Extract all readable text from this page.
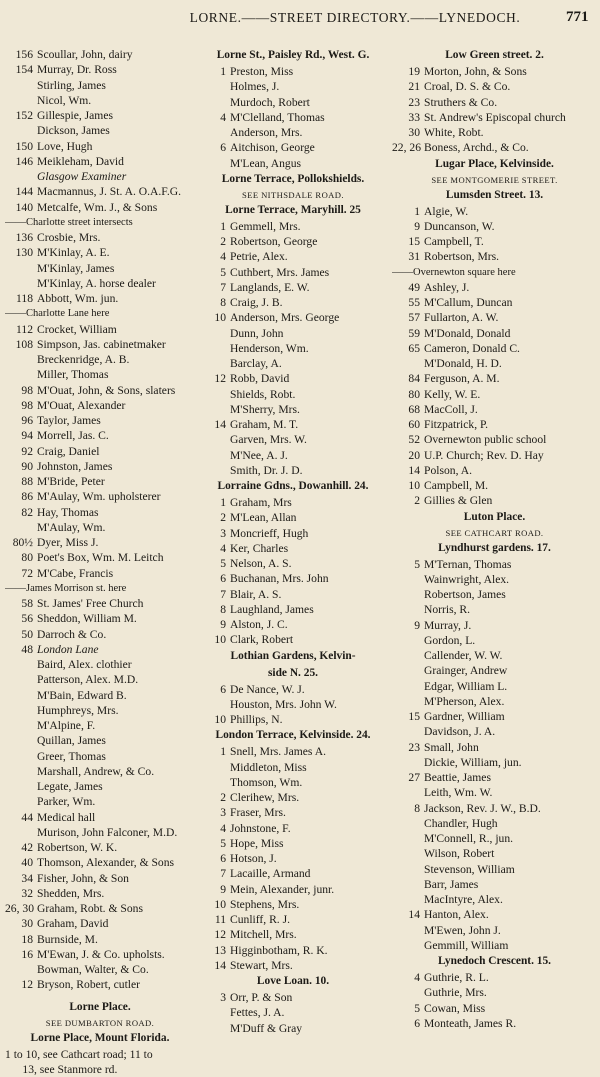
LORNE.——STREET DIRECTORY.——LYNEDOCH.	771
156 Scoullar, John, dairy
154 Murray, Dr. Ross
Stirling, James
Nicol, Wm.
152 Gillespie, James
Dickson, James
150 Love, Hugh
146 Meikleham, David
Glasgow Examiner
144 Macmannus, J. St. A. O.A.F.G.
140 Metcalfe, Wm. J., & Sons
——Charlotte street intersects
136 Crosbie, Mrs.
130 M'Kinlay, A. E.
M'Kinlay, James
M'Kinlay, A. horse dealer
118 Abbott, Wm. jun.
——Charlotte Lane here
112 Crocket, William
108 Simpson, Jas. cabinetmaker
Breckenridge, A. B.
Miller, Thomas
98 M'Ouat, John, & Sons, slaters
98 M'Ouat, Alexander
96 Taylor, James
94 Morrell, Jas. C.
92 Craig, Daniel
90 Johnston, James
88 M'Bride, Peter
86 M'Aulay, Wm. upholsterer
82 Hay, Thomas
M'Aulay, Wm.
80½ Dyer, Miss J.
80 Poet's Box, Wm. M. Leitch
72 M'Cabe, Francis
——James Morrison st. here
58 St. James' Free Church
56 Sheddon, William M.
50 Darroch & Co.
48 London Lane
Baird, Alex. clothier
Patterson, Alex. M.D.
M'Bain, Edward B.
Humphreys, Mrs.
M'Alpine, F.
Quillan, James
Greer, Thomas
Marshall, Andrew, & Co.
Legate, James
Parker, Wm.
44 Medical hall
Murison, John Falconer, M.D.
42 Robertson, W. K.
40 Thomson, Alexander, & Sons
34 Fisher, John, & Son
32 Shedden, Mrs.
26, 30 Graham, Robt. & Sons
30 Graham, David
18 Burnside, M.
16 M'Ewan, J. & Co. upholsts.
Bowman, Walter, & Co.
12 Bryson, Robert, cutler
Lorne Place.
SEE DUMBARTON ROAD.
Lorne Place, Mount Florida.
1 to 10, see Cathcart road; 11 to
13, see Stanmore rd.
Lorne St., Paisley Rd., West. G.
1 Preston, Miss
Holmes, J.
Murdoch, Robert
4 M'Clelland, Thomas
Anderson, Mrs.
6 Aitchison, George
M'Lean, Angus
Lorne Terrace, Pollokshields.
SEE NITHSDALE ROAD.
Lorne Terrace, Maryhill. 25
1 Gemmell, Mrs.
2 Robertson, George
4 Petrie, Alex.
5 Cuthbert, Mrs. James
7 Langlands, E. W.
8 Craig, J. B.
10 Anderson, Mrs. George
Dunn, John
Henderson, Wm.
Barclay, A.
12 Robb, David
Shields, Robt.
M'Sherry, Mrs.
14 Graham, M. T.
Garven, Mrs. W.
M'Nee, A. J.
Smith, Dr. J. D.
Lorraine Gdns., Dowanhill. 24.
1 Graham, Mrs
2 M'Lean, Allan
3 Moncrieff, Hugh
4 Ker, Charles
5 Nelson, A. S.
6 Buchanan, Mrs. John
7 Blair, A. S.
8 Laughland, James
9 Alston, J. C.
10 Clark, Robert
Lothian Gardens, Kelvin-
side N. 25.
6 De Nance, W. J.
Houston, Mrs. John W.
10 Phillips, N.
London Terrace, Kelvinside. 24.
1 Snell, Mrs. James A.
Middleton, Miss
Thomson, Wm.
2 Clerihew, Mrs.
3 Fraser, Mrs.
4 Johnstone, F.
5 Hope, Miss
6 Hotson, J.
7 Lacaille, Armand
9 Mein, Alexander, junr.
10 Stephens, Mrs.
11 Cunliff, R. J.
12 Mitchell, Mrs.
13 Higginbotham, R. K.
14 Stewart, Mrs.
Love Loan. 10.
3 Orr, P. & Son
Fettes, J. A.
M'Duff & Gray
Low Green street. 2.
19 Morton, John, & Sons
21 Croal, D. S. & Co.
23 Struthers & Co.
33 St. Andrew's Episcopal church
30 White, Robt.
22, 26 Boness, Archd., & Co.
Lugar Place, Kelvinside.
SEE MONTGOMERIE STREET.
Lumsden Street. 13.
1 Algie, W.
9 Duncanson, W.
15 Campbell, T.
31 Robertson, Mrs.
——Overnewton square here
49 Ashley, J.
55 M'Callum, Duncan
57 Fullarton, A. W.
59 M'Donald, Donald
65 Cameron, Donald C.
M'Donald, H. D.
84 Ferguson, A. M.
80 Kelly, W. E.
68 MacColl, J.
60 Fitzpatrick, P.
52 Overnewton public school
20 U.P. Church; Rev. D. Hay
14 Polson, A.
10 Campbell, M.
2 Gillies & Glen
Luton Place.
SEE CATHCART ROAD.
Lyndhurst gardens. 17.
5 M'Ternan, Thomas
Wainwright, Alex.
Robertson, James
Norris, R.
9 Murray, J.
Gordon, L.
Callender, W. W.
Grainger, Andrew
Edgar, William L.
M'Pherson, Alex.
15 Gardner, William
Davidson, J. A.
23 Small, John
Dickie, William, jun.
27 Beattie, James
Leith, Wm. W.
8 Jackson, Rev. J. W., B.D.
Chandler, Hugh
M'Connell, R., jun.
Wilson, Robert
Stevenson, William
Barr, James
MacIntyre, Alex.
14 Hanton, Alex.
M'Ewen, John J.
Gemmill, William
Lynedoch Crescent. 15.
4 Guthrie, R. L.
Guthrie, Mrs.
5 Cowan, Miss
6 Monteath, James R.
